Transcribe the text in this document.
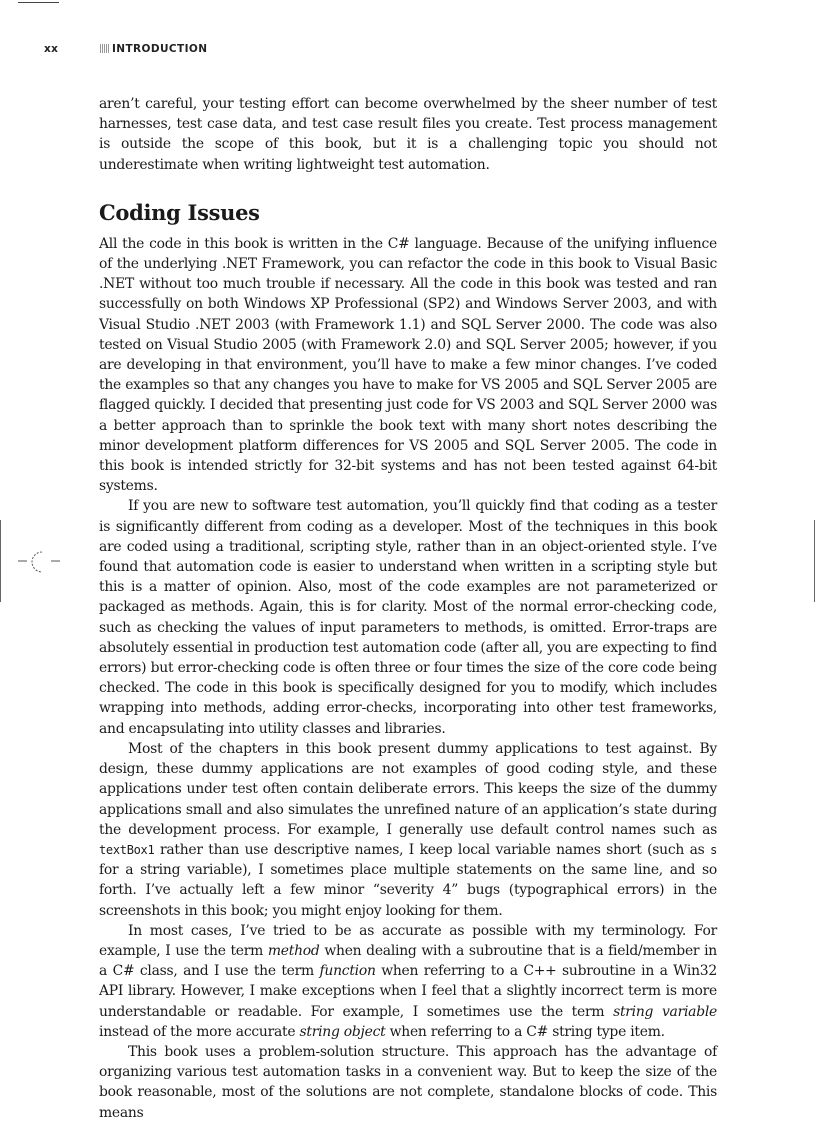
xx	INTRODUCTION

aren’t careful, your testing effort can become overwhelmed by the sheer number of test harnesses, test case data, and test case result files you create. Test process management is outside the scope of this book, but it is a challenging topic you should not underestimate when writing lightweight test automation.

Coding Issues

All the code in this book is written in the C# language. Because of the unifying influence of the underlying .NET Framework, you can refactor the code in this book to Visual Basic .NET without too much trouble if necessary. All the code in this book was tested and ran successfully on both Windows XP Professional (SP2) and Windows Server 2003, and with Visual Studio .NET 2003 (with Framework 1.1) and SQL Server 2000. The code was also tested on Visual Studio 2005 (with Framework 2.0) and SQL Server 2005; however, if you are developing in that environment, you’ll have to make a few minor changes. I’ve coded the examples so that any changes you have to make for VS 2005 and SQL Server 2005 are flagged quickly. I decided that presenting just code for VS 2003 and SQL Server 2000 was a better approach than to sprinkle the book text with many short notes describing the minor development platform differences for VS 2005 and SQL Server 2005. The code in this book is intended strictly for 32-bit systems and has not been tested against 64-bit systems.

If you are new to software test automation, you’ll quickly find that coding as a tester is significantly different from coding as a developer. Most of the techniques in this book are coded using a traditional, scripting style, rather than in an object-oriented style. I’ve found that automation code is easier to understand when written in a scripting style but this is a matter of opinion. Also, most of the code examples are not parameterized or packaged as methods. Again, this is for clarity. Most of the normal error-checking code, such as checking the values of input parameters to methods, is omitted. Error-traps are absolutely essential in production test automation code (after all, you are expecting to find errors) but error-checking code is often three or four times the size of the core code being checked. The code in this book is specifically designed for you to modify, which includes wrapping into methods, adding error-checks, incorporating into other test frameworks, and encapsulating into utility classes and libraries.

Most of the chapters in this book present dummy applications to test against. By design, these dummy applications are not examples of good coding style, and these applications under test often contain deliberate errors. This keeps the size of the dummy applications small and also simulates the unrefined nature of an application’s state during the development process. For example, I generally use default control names such as textBox1 rather than use descriptive names, I keep local variable names short (such as s for a string variable), I sometimes place multiple statements on the same line, and so forth. I’ve actually left a few minor “severity 4” bugs (typographical errors) in the screenshots in this book; you might enjoy looking for them.

In most cases, I’ve tried to be as accurate as possible with my terminology. For example, I use the term method when dealing with a subroutine that is a field/member in a C# class, and I use the term function when referring to a C++ subroutine in a Win32 API library. However, I make exceptions when I feel that a slightly incorrect term is more understandable or readable. For example, I sometimes use the term string variable instead of the more accurate string object when referring to a C# string type item.

This book uses a problem-solution structure. This approach has the advantage of organizing various test automation tasks in a convenient way. But to keep the size of the book reasonable, most of the solutions are not complete, standalone blocks of code. This means
